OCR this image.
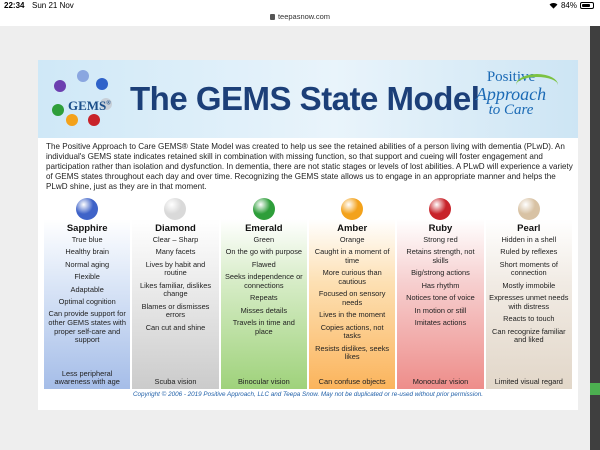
22:34 Sun 21 Nov	84%
teepasnow.com
GEMS® The GEMS State Model
Positive
Approach
to Care

The Positive Approach to Care GEMS® State Model was created to help us see the retained abilities of a person living with dementia (PLwD). An individual's GEMS state indicates retained skill in combination with missing function, so that support and cueing will foster engagement and participation rather than isolation and dysfunction. In dementia, there are not static stages or levels of lost abilities. A PLwD will experience a variety of GEMS states throughout each day and over time. Recognizing the GEMS state allows us to engage in an appropriate manner and helps the PLwD shine, just as they are in that moment.

Sapphire
True blue
Healthy brain
Normal aging
Flexible
Adaptable
Optimal cognition
Can provide support for other GEMS states with proper self-care and support
Less peripheral awareness with age
Diamond
Clear – Sharp
Many facets
Lives by habit and routine
Likes familiar, dislikes change
Blames or dismisses errors
Can cut and shine
Scuba vision
Emerald
Green
On the go with purpose
Flawed
Seeks independence or connections
Repeats
Misses details
Travels in time and place
Binocular vision
Amber
Orange
Caught in a moment of time
More curious than cautious
Focused on sensory needs
Lives in the moment
Copies actions, not tasks
Resists dislikes, seeks likes
Can confuse objects
Ruby
Strong red
Retains strength, not skills
Big/strong actions
Has rhythm
Notices tone of voice
In motion or still
Imitates actions
Monocular vision
Pearl
Hidden in a shell
Ruled by reflexes
Short moments of connection
Mostly immobile
Expresses unmet needs with distress
Reacts to touch
Can recognize familiar and liked
Limited visual regard
Copyright © 2006 - 2019 Positive Approach, LLC and Teepa Snow. May not be duplicated or re-used without prior permission.
